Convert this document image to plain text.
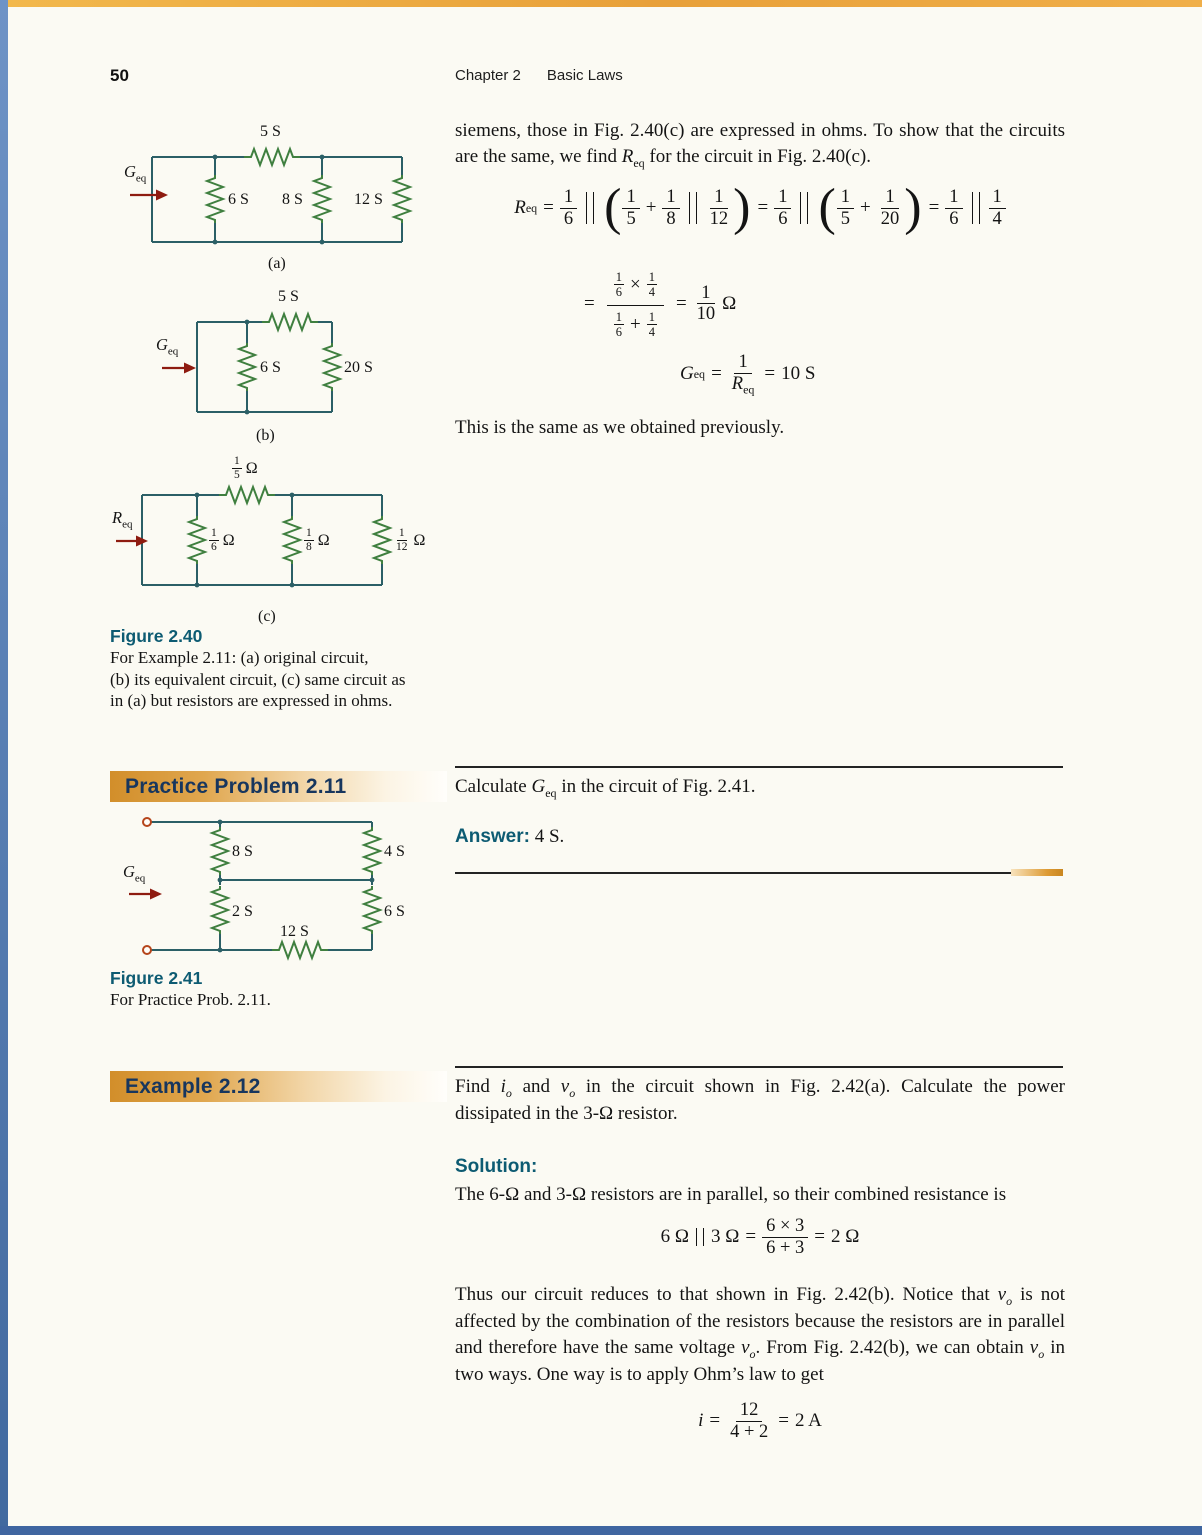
50	Chapter 2 Basic Laws
$G_{eq}$
5 S
6 S 8 S	12 S
(a)
$G_{eq}$
5 S
6 S	20 S
(b)
$R_{eq}$
1
5 Ω
1
6 Ω	1
8 Ω	1
12 Ω
(c)
Figure 2.40
For Example 2.11: (a) original circuit,
(b) its equivalent circuit, (c) same circuit as
in (a) but resistors are expressed in ohms.
siemens, those in Fig. 2.40(c) are expressed in ohms. To show that the circuits are the same, we find $R_{eq}$ for the circuit in Fig. 2.40(c).
R eq = $\frac{1}{6}$ ( 1
5
+ $\frac{1}{8} 1$
12 ) = $\frac{1}{6}$ ( 1
5
+ $\frac{1}{20}$ ) = $\frac{1}{6} 1$
4
= $\frac{1}{6} \times \frac{1}{4}$
1
$6 + \frac{1}{4} = \frac{1}{10}$ Ω
G eq =
1
$R_{eq}$
= 10 S
This is the same as we obtained previously.
Practice Problem 2.11	Calculate $G_{eq}$ in the circuit of Fig. 2.41.
Answer: 4 S.
$G_{eq}$
8 S	4 S
2 S	6 S
12 S
Figure 2.41
For Practice Prob. 2.11.
Example 2.12	Find $i_o$ and $v_o$ in the circuit shown in Fig. 2.42(a). Calculate the power dissipated in the 3-Ω resistor.
Solution:
The 6-Ω and 3-Ω resistors are in parallel, so their combined resistance is
6 Ω 3 $\Omega = \frac{6 \times 3}{6 + 3} = 2$ Ω
Thus our circuit reduces to that shown in Fig. 2.42(b). Notice that $v_o$ is not affected by the combination of the resistors because the resistors are in parallel and therefore have the same voltage $v_o$. From Fig. 2.42(b), we can obtain $v_o$ in two ways. One way is to apply Ohm’s law to get
$i = \frac{12}{4 + 2} = 2$ A
